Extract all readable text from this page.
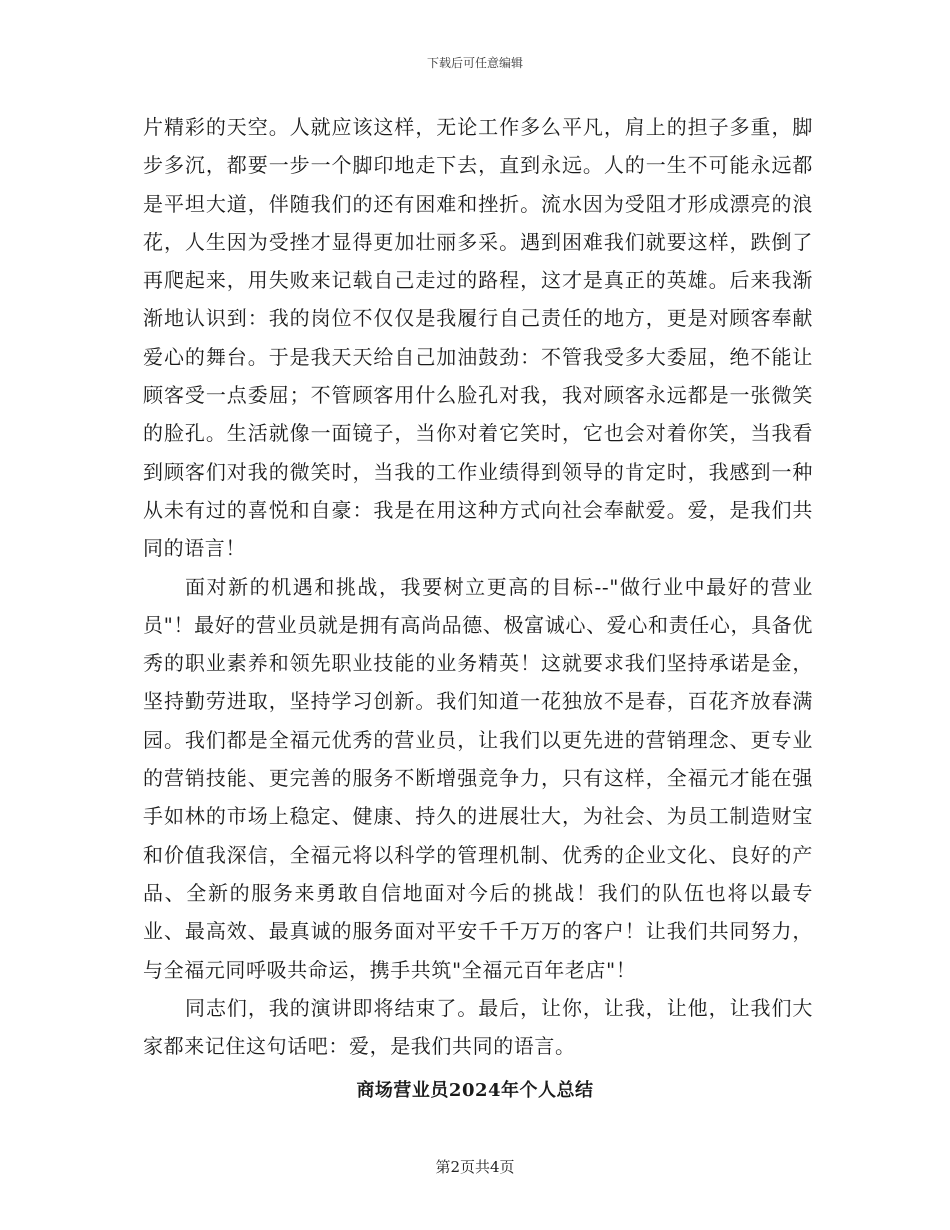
下载后可任意编辑

片精彩的天空。人就应该这样，无论工作多么平凡，肩上的担子多重，脚步多沉，都要一步一个脚印地走下去，直到永远。人的一生不可能永远都是平坦大道，伴随我们的还有困难和挫折。流水因为受阻才形成漂亮的浪花，人生因为受挫才显得更加壮丽多采。遇到困难我们就要这样，跌倒了再爬起来，用失败来记载自己走过的路程，这才是真正的英雄。后来我渐渐地认识到：我的岗位不仅仅是我履行自己责任的地方，更是对顾客奉献爱心的舞台。于是我天天给自己加油鼓劲：不管我受多大委屈，绝不能让顾客受一点委屈；不管顾客用什么脸孔对我，我对顾客永远都是一张微笑的脸孔。生活就像一面镜子，当你对着它笑时，它也会对着你笑，当我看到顾客们对我的微笑时，当我的工作业绩得到领导的肯定时，我感到一种从未有过的喜悦和自豪：我是在用这种方式向社会奉献爱。爱，是我们共同的语言！

面对新的机遇和挑战，我要树立更高的目标--"做行业中最好的营业员"！最好的营业员就是拥有高尚品德、极富诚心、爱心和责任心，具备优秀的职业素养和领先职业技能的业务精英！这就要求我们坚持承诺是金，坚持勤劳进取，坚持学习创新。我们知道一花独放不是春，百花齐放春满园。我们都是全福元优秀的营业员，让我们以更先进的营销理念、更专业的营销技能、更完善的服务不断增强竞争力，只有这样，全福元才能在强手如林的市场上稳定、健康、持久的进展壮大，为社会、为员工制造财宝和价值我深信，全福元将以科学的管理机制、优秀的企业文化、良好的产品、全新的服务来勇敢自信地面对今后的挑战！我们的队伍也将以最专业、最高效、最真诚的服务面对平安千千万万的客户！让我们共同努力，与全福元同呼吸共命运，携手共筑"全福元百年老店"！

同志们，我的演讲即将结束了。最后，让你，让我，让他，让我们大家都来记住这句话吧：爱，是我们共同的语言。

商场营业员2024年个人总结
第2页共4页
